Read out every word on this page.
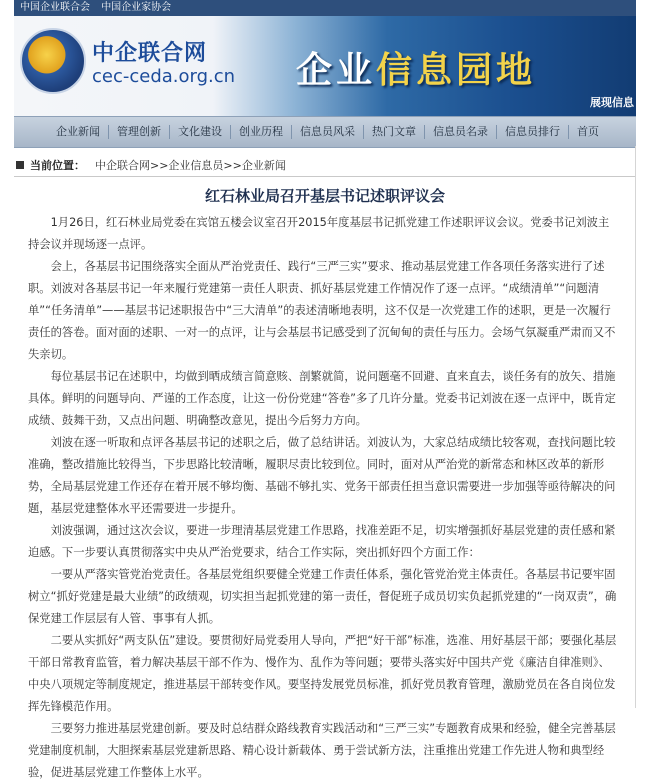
中国企业联合会 中国企业家协会
中企联合网
cec-ceda.org.cn 企业信息园地
展现信息
企业新闻	管理创新	文化建设	创业历程	信息员风采	热门文章	信息员名录	信息员排行	首页
当前位置： 中企联合网>>企业信息员>>企业新闻
红石林业局召开基层书记述职评议会

1月26日，红石林业局党委在宾馆五楼会议室召开2015年度基层书记抓党建工作述职评议会议。党委书记刘波主持会议并现场逐一点评。

会上，各基层书记围绕落实全面从严治党责任、践行“三严三实”要求、推动基层党建工作各项任务落实进行了述职。刘波对各基层书记一年来履行党建第一责任人职责、抓好基层党建工作情况作了逐一点评。“成绩清单”“问题清单”“任务清单”——基层书记述职报告中“三大清单”的表述清晰地表明，这不仅是一次党建工作的述职，更是一次履行责任的答卷。面对面的述职、一对一的点评，让与会基层书记感受到了沉甸甸的责任与压力。会场气氛凝重严肃而又不失亲切。

每位基层书记在述职中，均做到晒成绩言简意赅、剖繁就简，说问题毫不回避、直来直去，谈任务有的放矢、措施具体。鲜明的问题导向、严谨的工作态度，让这一份份党建“答卷”多了几许分量。党委书记刘波在逐一点评中，既肯定成绩、鼓舞干劲，又点出问题、明确整改意见，提出今后努力方向。

刘波在逐一听取和点评各基层书记的述职之后，做了总结讲话。刘波认为，大家总结成绩比较客观，查找问题比较准确，整改措施比较得当，下步思路比较清晰，履职尽责比较到位。同时，面对从严治党的新常态和林区改革的新形势，全局基层党建工作还存在着开展不够均衡、基础不够扎实、党务干部责任担当意识需要进一步加强等亟待解决的问题，基层党建整体水平还需要进一步提升。

刘波强调，通过这次会议，要进一步理清基层党建工作思路，找准差距不足，切实增强抓好基层党建的责任感和紧迫感。下一步要认真贯彻落实中央从严治党要求，结合工作实际，突出抓好四个方面工作：

一要从严落实管党治党责任。各基层党组织要健全党建工作责任体系，强化管党治党主体责任。各基层书记要牢固树立“抓好党建是最大业绩”的政绩观，切实担当起抓党建的第一责任，督促班子成员切实负起抓党建的“一岗双责”，确保党建工作层层有人管、事事有人抓。

二要从实抓好“两支队伍”建设。要贯彻好局党委用人导向，严把“好干部”标准，选准、用好基层干部；要强化基层干部日常教育监管，着力解决基层干部不作为、慢作为、乱作为等问题；要带头落实好中国共产党《廉洁自律准则》、中央八项规定等制度规定，推进基层干部转变作风。要坚持发展党员标准，抓好党员教育管理，激励党员在各自岗位发挥先锋模范作用。

三要努力推进基层党建创新。要及时总结群众路线教育实践活动和“三严三实”专题教育成果和经验，健全完善基层党建制度机制，大胆探索基层党建新思路、精心设计新载体、勇于尝试新方法，注重推出党建工作先进人物和典型经验，促进基层党建工作整体上水平。
